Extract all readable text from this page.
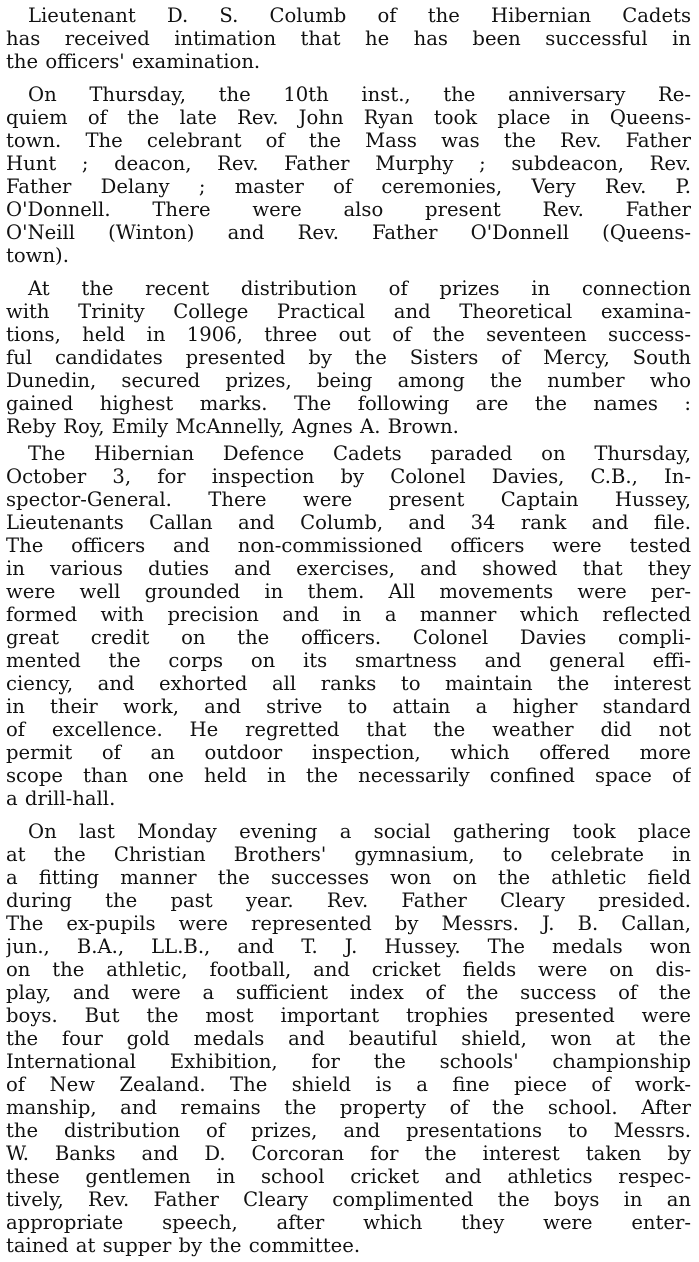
Lieutenant D. S. Columb of the Hibernian Cadets
has received intimation that he has been successful in
the officers' examination.
On Thursday, the 10th inst., the anniversary Re-
quiem of the late Rev. John Ryan took place in Queens-
town. The celebrant of the Mass was the Rev. Father
Hunt ; deacon, Rev. Father Murphy ; subdeacon, Rev.
Father Delany ; master of ceremonies, Very Rev. P.
O'Donnell. There were also present Rev. Father
O'Neill (Winton) and Rev. Father O'Donnell (Queens-
town).
At the recent distribution of prizes in connection
with Trinity College Practical and Theoretical examina-
tions, held in 1906, three out of the seventeen success-
ful candidates presented by the Sisters of Mercy, South
Dunedin, secured prizes, being among the number who
gained highest marks. The following are the names :
Reby Roy, Emily McAnnelly, Agnes A. Brown.
The Hibernian Defence Cadets paraded on Thursday,
October 3, for inspection by Colonel Davies, C.B., In-
spector-General. There were present Captain Hussey,
Lieutenants Callan and Columb, and 34 rank and file.
The officers and non-commissioned officers were tested
in various duties and exercises, and showed that they
were well grounded in them. All movements were per-
formed with precision and in a manner which reflected
great credit on the officers. Colonel Davies compli-
mented the corps on its smartness and general effi-
ciency, and exhorted all ranks to maintain the interest
in their work, and strive to attain a higher standard
of excellence. He regretted that the weather did not
permit of an outdoor inspection, which offered more
scope than one held in the necessarily confined space of
a drill-hall.
On last Monday evening a social gathering took place
at the Christian Brothers' gymnasium, to celebrate in
a fitting manner the successes won on the athletic field
during the past year. Rev. Father Cleary presided.
The ex-pupils were represented by Messrs. J. B. Callan,
jun., B.A., LL.B., and T. J. Hussey. The medals won
on the athletic, football, and cricket fields were on dis-
play, and were a sufficient index of the success of the
boys. But the most important trophies presented were
the four gold medals and beautiful shield, won at the
International Exhibition, for the schools' championship
of New Zealand. The shield is a fine piece of work-
manship, and remains the property of the school. After
the distribution of prizes, and presentations to Messrs.
W. Banks and D. Corcoran for the interest taken by
these gentlemen in school cricket and athletics respec-
tively, Rev. Father Cleary complimented the boys in an
appropriate speech, after which they were enter-
tained at supper by the committee.
